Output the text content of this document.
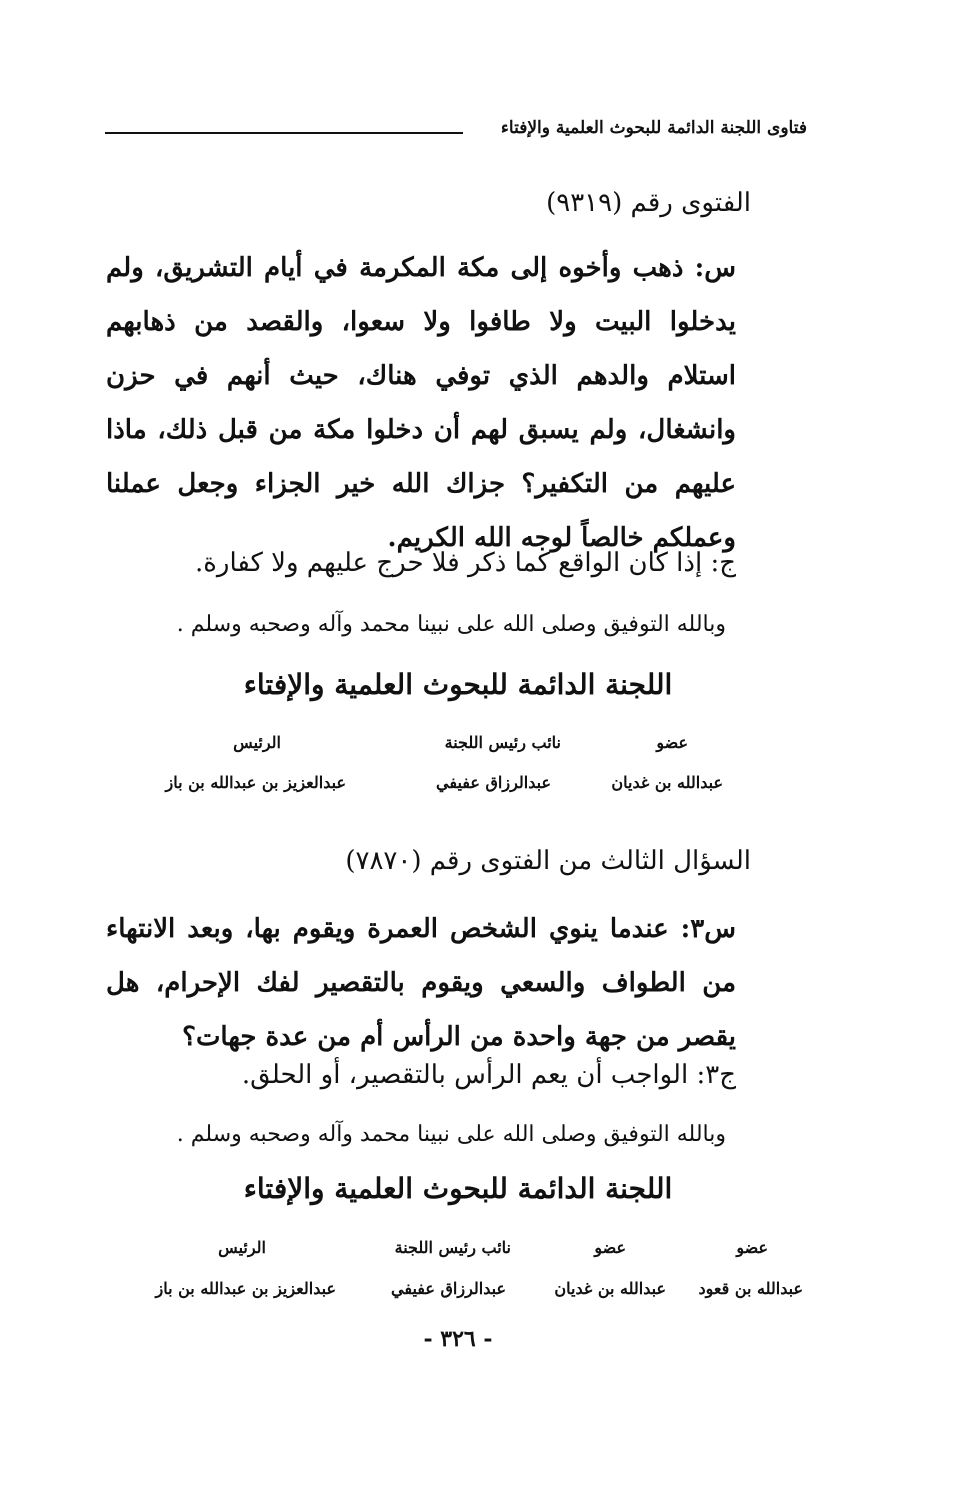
فتاوى اللجنة الدائمة للبحوث العلمية والإفتاء
الفتوى رقم (٩٣١٩)
س: ذهب وأخوه إلى مكة المكرمة في أيام التشريق، ولم يدخلوا البيت ولا طافوا ولا سعوا، والقصد من ذهابهم استلام والدهم الذي توفي هناك، حيث أنهم في حزن وانشغال، ولم يسبق لهم أن دخلوا مكة من قبل ذلك، ماذا عليهم من التكفير؟ جزاك الله خير الجزاء وجعل عملنا وعملكم خالصاً لوجه الله الكريم.
ج: إذا كان الواقع كما ذكر فلا حرج عليهم ولا كفارة.
وبالله التوفيق وصلى الله على نبينا محمد وآله وصحبه وسلم .
اللجنة الدائمة للبحوث العلمية والإفتاء
عضو
نائب رئيس اللجنة
الرئيس
عبدالله بن غديان
عبدالرزاق عفيفي
عبدالعزيز بن عبدالله بن باز
السؤال الثالث من الفتوى رقم (٧٨٧٠)
س٣: عندما ينوي الشخص العمرة ويقوم بها، وبعد الانتهاء من الطواف والسعي ويقوم بالتقصير لفك الإحرام، هل يقصر من جهة واحدة من الرأس أم من عدة جهات؟
ج٣: الواجب أن يعم الرأس بالتقصير، أو الحلق.
وبالله التوفيق وصلى الله على نبينا محمد وآله وصحبه وسلم .
اللجنة الدائمة للبحوث العلمية والإفتاء
عضو
عضو
نائب رئيس اللجنة
الرئيس
عبدالله بن قعود
عبدالله بن غديان
عبدالرزاق عفيفي
عبدالعزيز بن عبدالله بن باز
- ٣٢٦ -
